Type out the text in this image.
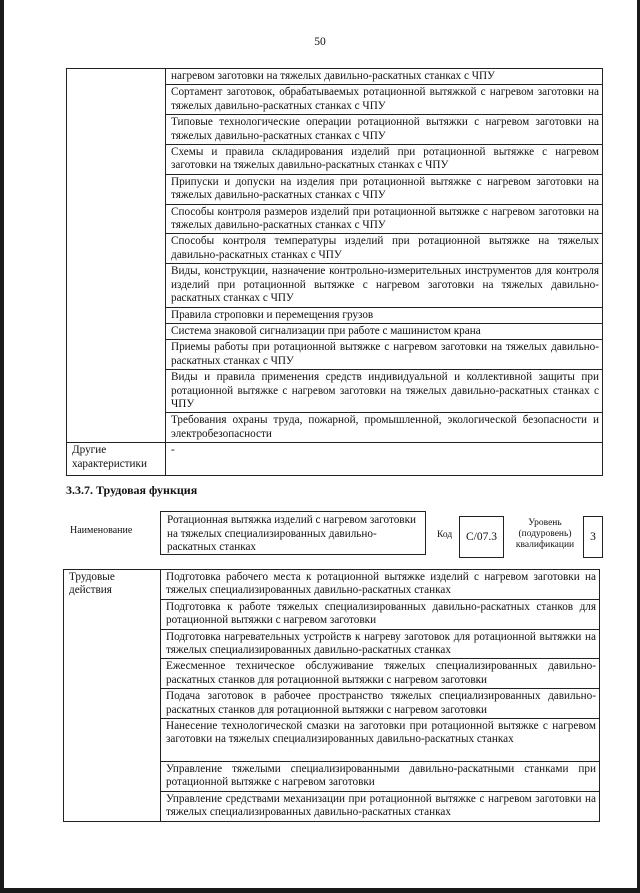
50
	нагревом заготовки на тяжелых давильно-раскатных станках с ЧПУ
	Сортамент заготовок, обрабатываемых ротационной вытяжкой с нагревом заготовки на тяжелых давильно-раскатных станках с ЧПУ
	Типовые технологические операции ротационной вытяжки с нагревом заготовки на тяжелых давильно-раскатных станках с ЧПУ
	Схемы и правила складирования изделий при ротационной вытяжке с нагревом заготовки на тяжелых давильно-раскатных станках с ЧПУ
	Припуски и допуски на изделия при ротационной вытяжке с нагревом заготовки на тяжелых давильно-раскатных станках с ЧПУ
	Способы контроля размеров изделий при ротационной вытяжке с нагревом заготовки на тяжелых давильно-раскатных станках с ЧПУ
	Способы контроля температуры изделий при ротационной вытяжке на тяжелых давильно-раскатных станках с ЧПУ
	Виды, конструкции, назначение контрольно-измерительных инструментов для контроля изделий при ротационной вытяжке с нагревом заготовки на тяжелых давильно-раскатных станках с ЧПУ
	Правила строповки и перемещения грузов
	Система знаковой сигнализации при работе с машинистом крана
	Приемы работы при ротационной вытяжке с нагревом заготовки на тяжелых давильно-раскатных станках с ЧПУ
	Виды и правила применения средств индивидуальной и коллективной защиты при ротационной вытяжке с нагревом заготовки на тяжелых давильно-раскатных станках с ЧПУ
	Требования охраны труда, пожарной, промышленной, экологической безопасности и электробезопасности
Другие характеристики	-
3.3.7. Трудовая функция
Наименование
Ротационная вытяжка изделий с нагревом заготовки на тяжелых специализированных давильно-раскатных станках
Код	C/07.3
Уровень (подуровень) квалификации
3
Трудовые действия	Подготовка рабочего места к ротационной вытяжке изделий с нагревом заготовки на тяжелых специализированных давильно-раскатных станках
Подготовка к работе тяжелых специализированных давильно-раскатных станков для ротационной вытяжки с нагревом заготовки
Подготовка нагревательных устройств к нагреву заготовок для ротационной вытяжки на тяжелых специализированных давильно-раскатных станках
Ежесменное техническое обслуживание тяжелых специализированных давильно-раскатных станков для ротационной вытяжки с нагревом заготовки
Подача заготовок в рабочее пространство тяжелых специализированных давильно-раскатных станков для ротационной вытяжки с нагревом заготовки
Нанесение технологической смазки на заготовки при ротационной вытяжке с нагревом заготовки на тяжелых специализированных давильно-раскатных станках
Управление тяжелыми специализированными давильно-раскатными станками при ротационной вытяжке с нагревом заготовки
Управление средствами механизации при ротационной вытяжке с нагревом заготовки на тяжелых специализированных давильно-раскатных станках
